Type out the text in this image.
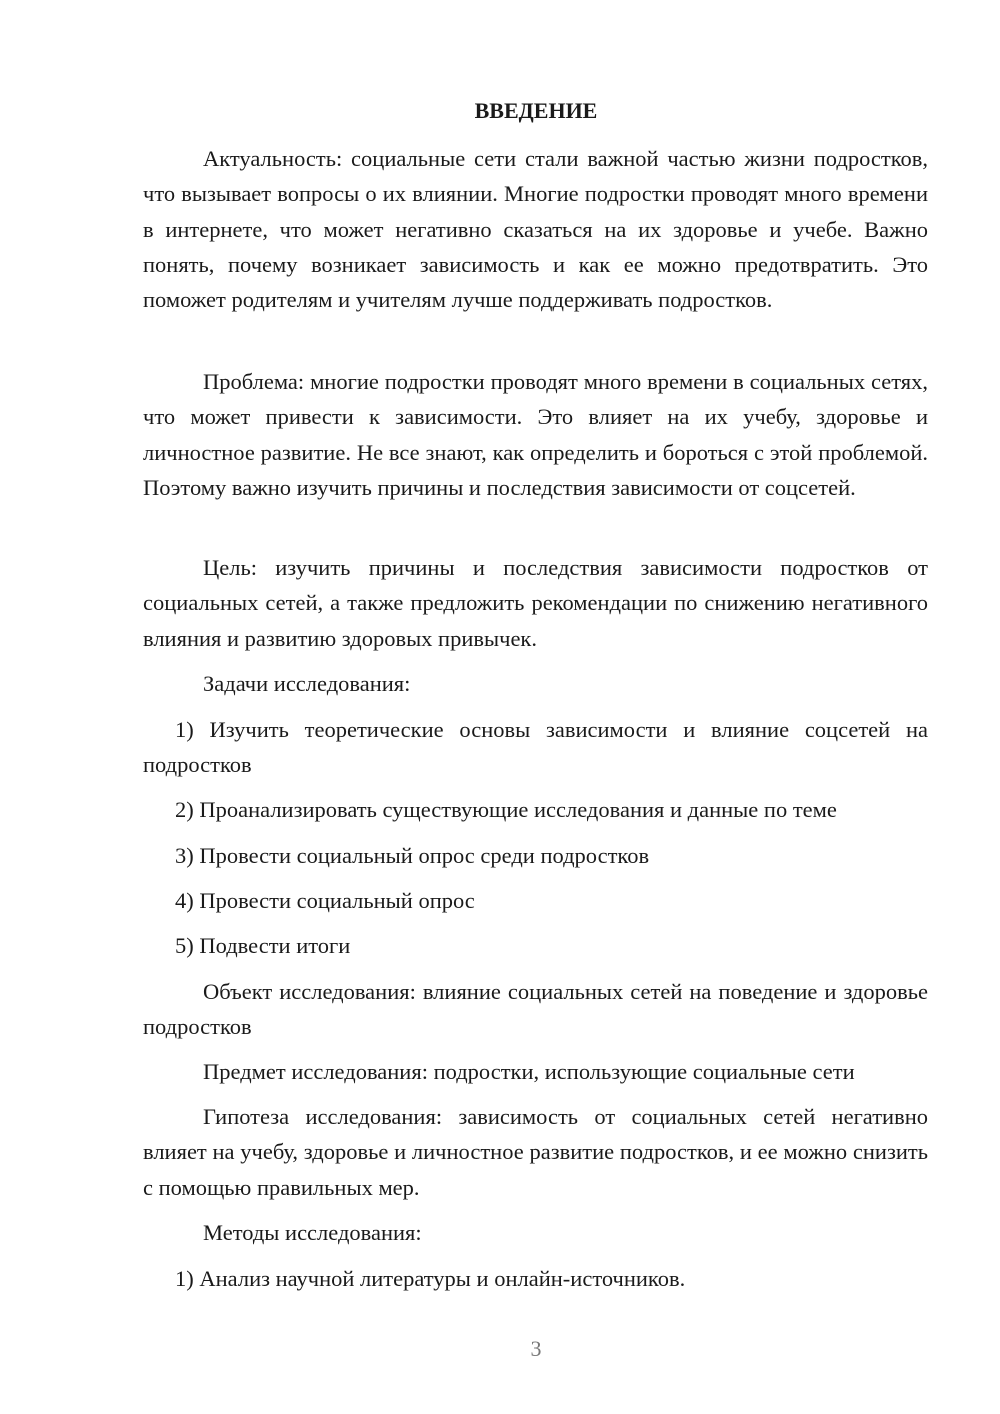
ВВЕДЕНИЕ

Актуальность: социальные сети стали важной частью жизни подростков, что вызывает вопросы о их влиянии. Многие подростки проводят много времени в интернете, что может негативно сказаться на их здоровье и учебе. Важно понять, почему возникает зависимость и как ее можно предотвратить. Это поможет родителям и учителям лучше поддерживать подростков.

Проблема: многие подростки проводят много времени в социальных сетях, что может привести к зависимости. Это влияет на их учебу, здоровье и личностное развитие. Не все знают, как определить и бороться с этой проблемой. Поэтому важно изучить причины и последствия зависимости от соцсетей.

Цель: изучить причины и последствия зависимости подростков от социальных сетей, а также предложить рекомендации по снижению негативного влияния и развитию здоровых привычек.

Задачи исследования:

1) Изучить теоретические основы зависимости и влияние соцсетей на подростков

2) Проанализировать существующие исследования и данные по теме

3) Провести социальный опрос среди подростков

4) Провести социальный опрос

5) Подвести итоги

Объект исследования: влияние социальных сетей на поведение и здоровье подростков

Предмет исследования: подростки, использующие социальные сети

Гипотеза исследования: зависимость от социальных сетей негативно влияет на учебу, здоровье и личностное развитие подростков, и ее можно снизить с помощью правильных мер.

Методы исследования:

1) Анализ научной литературы и онлайн-источников.

3
